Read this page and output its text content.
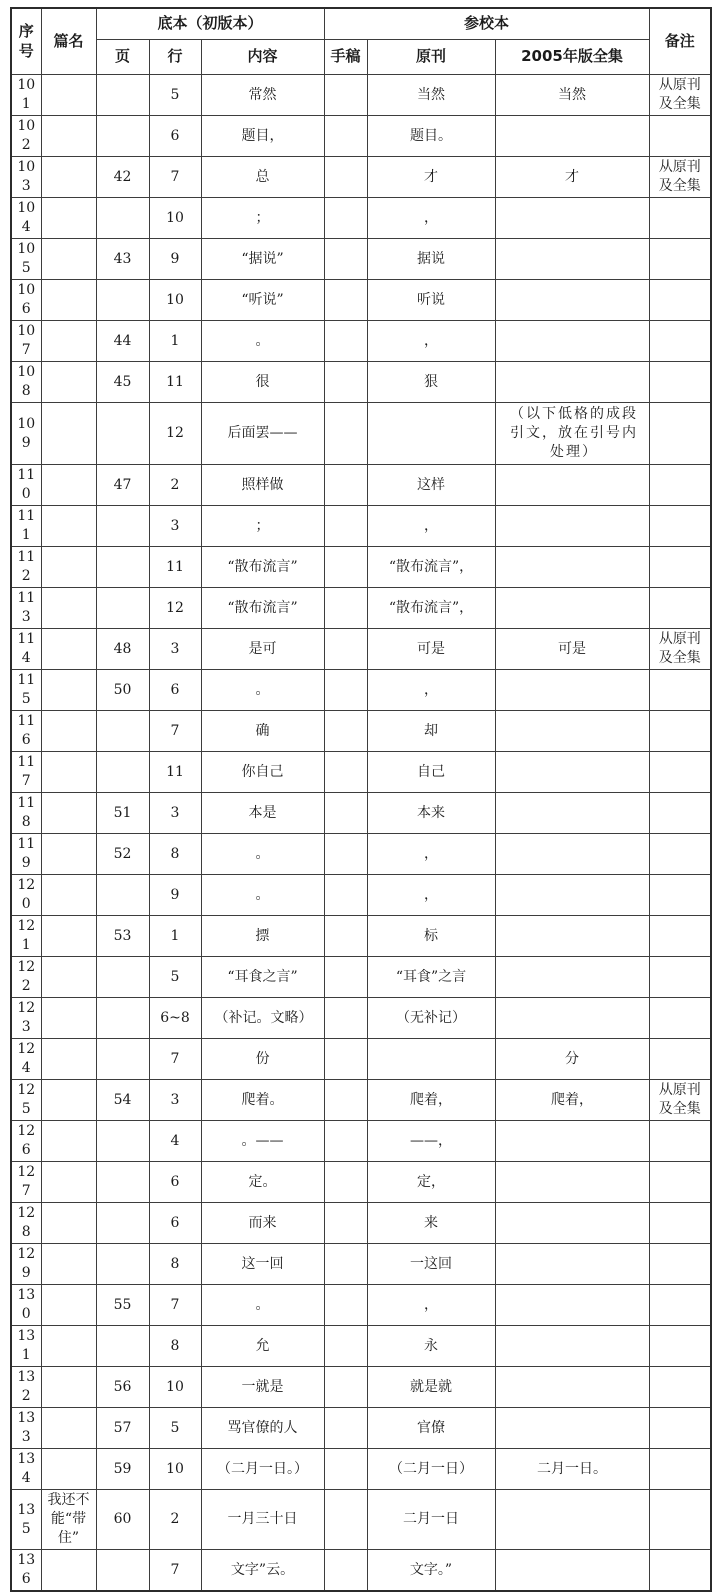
序号	篇名	底本（初版本）			参校本			备注
		页	行	内容	手稿	原刊	2005年版全集	
101			5	常然		当然	当然	从原刊及全集
102			6	题目，		题目。		
103		42	7	总		才	才	从原刊及全集
104			10	；		，		
105		43	9	“据说”		据说		
106			10	“听说”		听说		
107		44	1	。		，		
108		45	11	很		狠		
109			12	后面罢——			（以下低格的成段引文，放在引号内处理）	
110		47	2	照样做		这样		
111			3	；		，		
112			11	“散布流言”		“散布流言”，		
113			12	“散布流言”		“散布流言”，		
114		48	3	是可		可是	可是	从原刊及全集
115		50	6	。		，		
116			7	确		却		
117			11	你自己		自己		
118		51	3	本是		本来		
119		52	8	。		，		
120			9	。		，		
121		53	1	摽		标		
122			5	“耳食之言”		“耳食”之言		
123			6~8	（补记。文略）		（无补记）		
124			7	份			分	
125		54	3	爬着。		爬着，	爬着，	从原刊及全集
126			4	。——		——，		
127			6	定。		定，		
128			6	而来		来		
129			8	这一回		一这回		
130		55	7	。		，		
131			8	允		永		
132		56	10	一就是		就是就		
133		57	5	骂官僚的人		官僚		
134		59	10	（二月一日。）		（二月一日）	二月一日。	
135	我还不能“带住”	60	2	一月三十日		二月一日		
136			7	文字”云。		文字。”		
